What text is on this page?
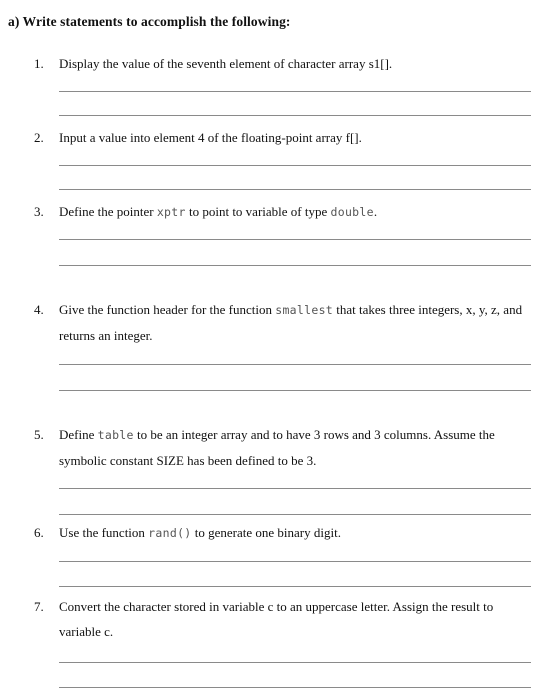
a) Write statements to accomplish the following:
1.	Display the value of the seventh element of character array s1[].
2.	Input a value into element 4 of the floating-point array f[].
3.	Define the pointer xptr to point to variable of type double.
4.	Give the function header for the function smallest that takes three integers, x, y, z, and returns an integer.
5.	Define table to be an integer array and to have 3 rows and 3 columns. Assume the symbolic constant SIZE has been defined to be 3.
6.	Use the function rand() to generate one binary digit.
7.	Convert the character stored in variable c to an uppercase letter. Assign the result to variable c.
